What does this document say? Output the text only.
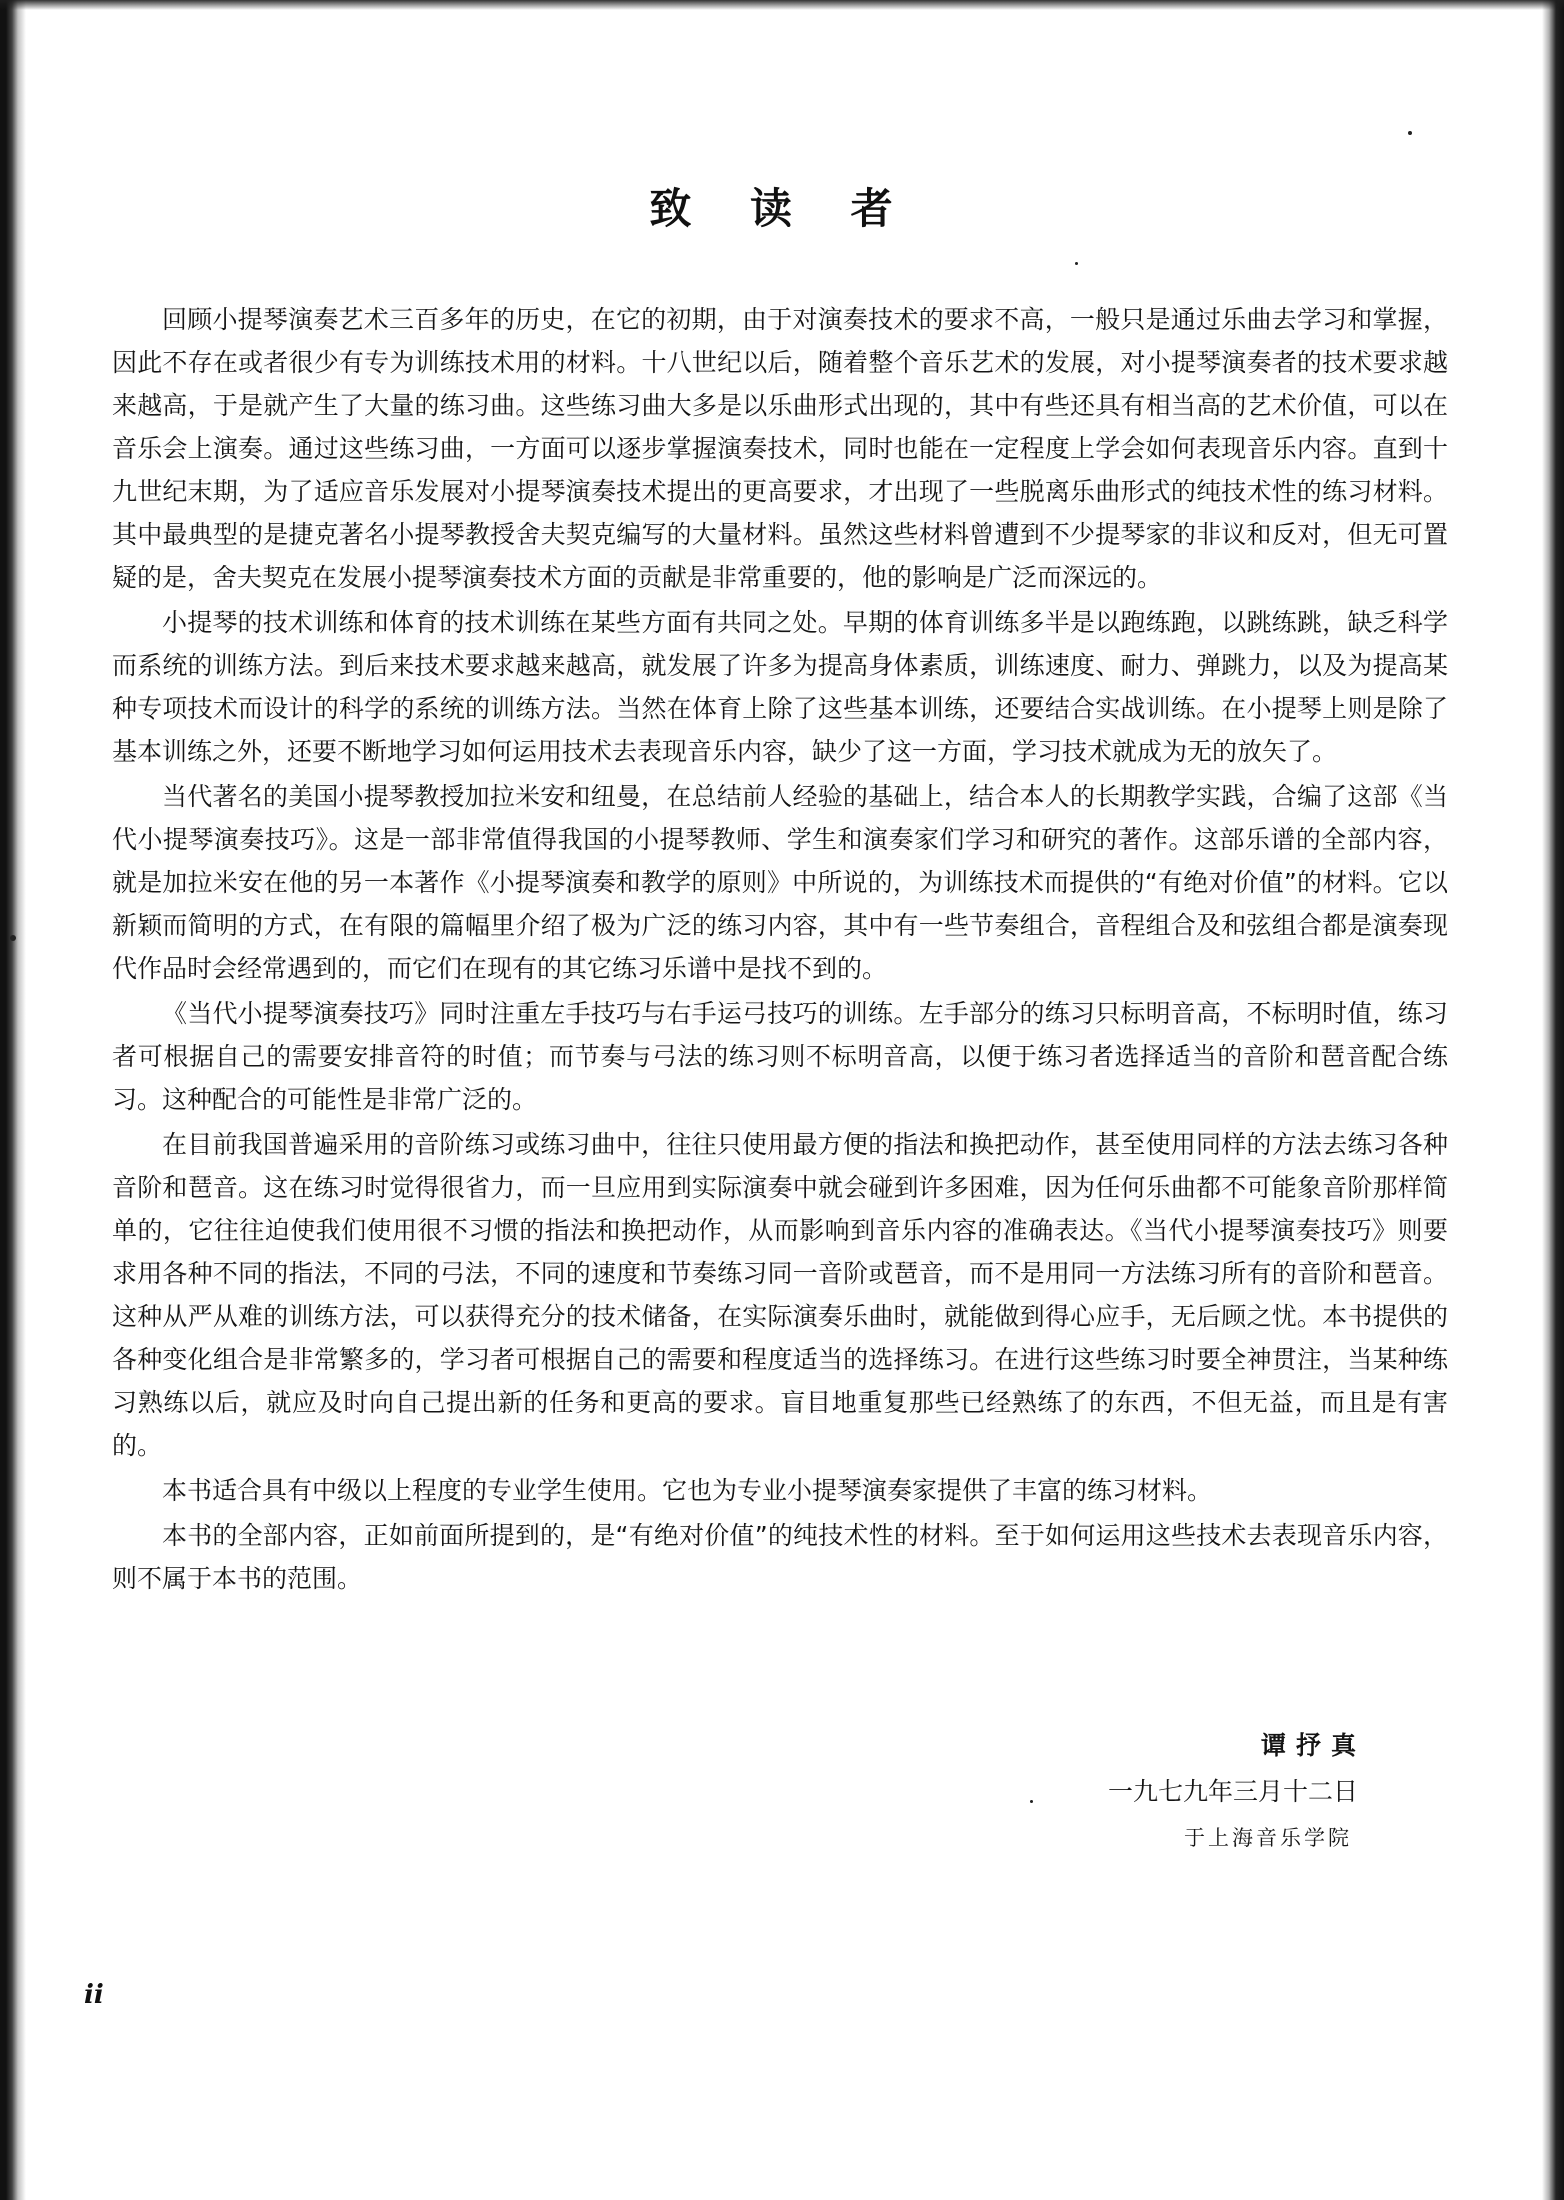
致 读 者

回顾小提琴演奏艺术三百多年的历史，在它的初期，由于对演奏技术的要求不高，一般只是通过乐曲去学习和掌握，因此不存在或者很少有专为训练技术用的材料。十八世纪以后，随着整个音乐艺术的发展，对小提琴演奏者的技术要求越来越高，于是就产生了大量的练习曲。这些练习曲大多是以乐曲形式出现的，其中有些还具有相当高的艺术价值，可以在音乐会上演奏。通过这些练习曲，一方面可以逐步掌握演奏技术，同时也能在一定程度上学会如何表现音乐内容。直到十九世纪末期，为了适应音乐发展对小提琴演奏技术提出的更高要求，才出现了一些脱离乐曲形式的纯技术性的练习材料。其中最典型的是捷克著名小提琴教授舍夫契克编写的大量材料。虽然这些材料曾遭到不少提琴家的非议和反对，但无可置疑的是，舍夫契克在发展小提琴演奏技术方面的贡献是非常重要的，他的影响是广泛而深远的。

小提琴的技术训练和体育的技术训练在某些方面有共同之处。早期的体育训练多半是以跑练跑，以跳练跳，缺乏科学而系统的训练方法。到后来技术要求越来越高，就发展了许多为提高身体素质，训练速度、耐力、弹跳力，以及为提高某种专项技术而设计的科学的系统的训练方法。当然在体育上除了这些基本训练，还要结合实战训练。在小提琴上则是除了基本训练之外，还要不断地学习如何运用技术去表现音乐内容，缺少了这一方面，学习技术就成为无的放矢了。

当代著名的美国小提琴教授加拉米安和纽曼，在总结前人经验的基础上，结合本人的长期教学实践，合编了这部《当代小提琴演奏技巧》。这是一部非常值得我国的小提琴教师、学生和演奏家们学习和研究的著作。这部乐谱的全部内容，就是加拉米安在他的另一本著作《小提琴演奏和教学的原则》中所说的，为训练技术而提供的“有绝对价值”的材料。它以新颖而简明的方式，在有限的篇幅里介绍了极为广泛的练习内容，其中有一些节奏组合，音程组合及和弦组合都是演奏现代作品时会经常遇到的，而它们在现有的其它练习乐谱中是找不到的。

《当代小提琴演奏技巧》同时注重左手技巧与右手运弓技巧的训练。左手部分的练习只标明音高，不标明时值，练习者可根据自己的需要安排音符的时值；而节奏与弓法的练习则不标明音高，以便于练习者选择适当的音阶和琶音配合练习。这种配合的可能性是非常广泛的。

在目前我国普遍采用的音阶练习或练习曲中，往往只使用最方便的指法和换把动作，甚至使用同样的方法去练习各种音阶和琶音。这在练习时觉得很省力，而一旦应用到实际演奏中就会碰到许多困难，因为任何乐曲都不可能象音阶那样简单的，它往往迫使我们使用很不习惯的指法和换把动作，从而影响到音乐内容的准确表达。《当代小提琴演奏技巧》则要求用各种不同的指法，不同的弓法，不同的速度和节奏练习同一音阶或琶音，而不是用同一方法练习所有的音阶和琶音。这种从严从难的训练方法，可以获得充分的技术储备，在实际演奏乐曲时，就能做到得心应手，无后顾之忧。本书提供的各种变化组合是非常繁多的，学习者可根据自己的需要和程度适当的选择练习。在进行这些练习时要全神贯注，当某种练习熟练以后，就应及时向自己提出新的任务和更高的要求。盲目地重复那些已经熟练了的东西，不但无益，而且是有害的。

本书适合具有中级以上程度的专业学生使用。它也为专业小提琴演奏家提供了丰富的练习材料。

本书的全部内容，正如前面所提到的，是“有绝对价值”的纯技术性的材料。至于如何运用这些技术去表现音乐内容，则不属于本书的范围。

谭抒真
一九七九年三月十二日
于上海音乐学院
ii
